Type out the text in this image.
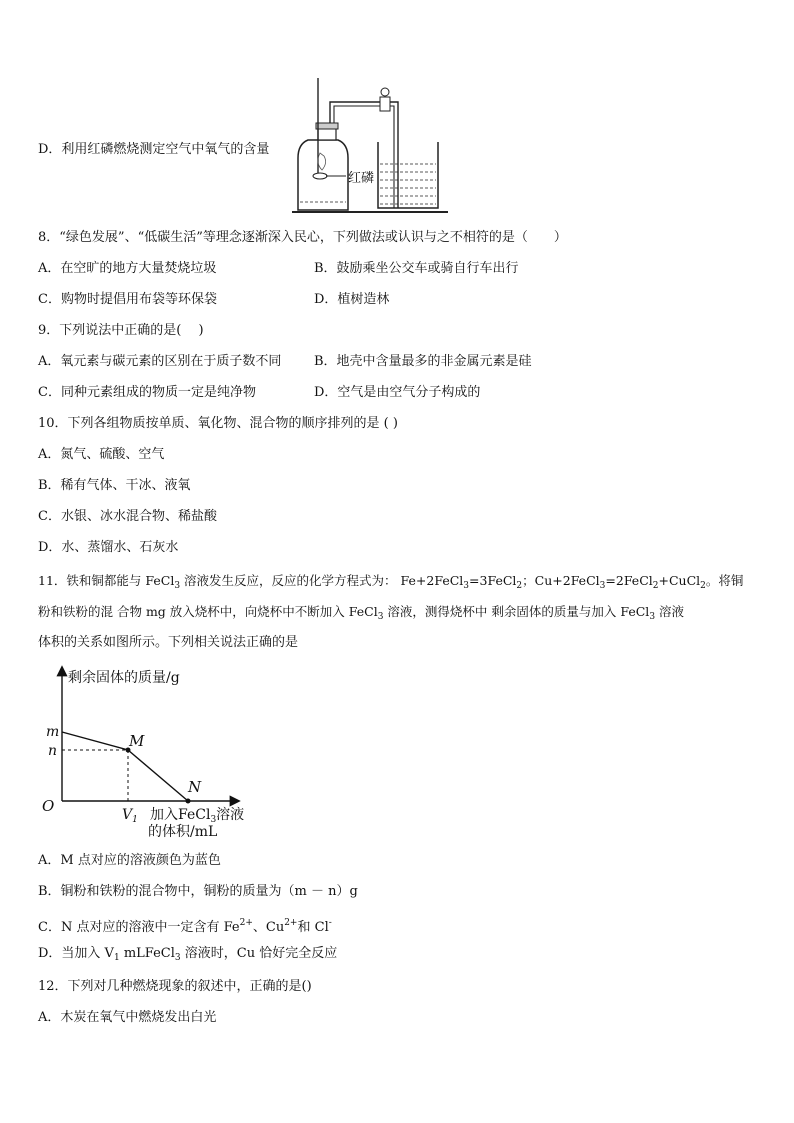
D．利用红磷燃烧测定空气中氧气的含量
红磷
8．“绿色发展”、“低碳生活”等理念逐渐深入民心，下列做法或认识与之不相符的是（　　）
A．在空旷的地方大量焚烧垃圾	B．鼓励乘坐公交车或骑自行车出行
C．购物时提倡用布袋等环保袋	D．植树造林
9．下列说法中正确的是(　 )
A．氧元素与碳元素的区别在于质子数不同	B．地壳中含量最多的非金属元素是硅
C．同种元素组成的物质一定是纯净物	D．空气是由空气分子构成的
10．下列各组物质按单质、氧化物、混合物的顺序排列的是 ( )
A．氮气、硫酸、空气
B．稀有气体、干冰、液氧
C．水银、冰水混合物、稀盐酸
D．水、蒸馏水、石灰水
11．铁和铜都能与 FeCl$_3$ 溶液发生反应，反应的化学方程式为： Fe+2FeCl$_3$=3FeCl$_2$；Cu+2FeCl$_3$=2FeCl$_2$+CuCl$_2$。将铜
粉和铁粉的混 合物 mg 放入烧杯中，向烧杯中不断加入 FeCl$_3$ 溶液，测得烧杯中 剩余固体的质量与加入 FeCl$_3$ 溶液
体积的关系如图所示。下列相关说法正确的是
剩余固体的质量/g
m
n
M
N
O	$V_1$ 加入FeCl$_3$溶液
的体积/mL
A．M 点对应的溶液颜色为蓝色
B．铜粉和铁粉的混合物中，铜粉的质量为（m － n）g
C．N 点对应的溶液中一定含有 $Fe^{2+}$、$Cu^{2+}$和 Cl-
D．当加入 $V_1$ mLFeCl$_3$ 溶液时，Cu 恰好完全反应
12．下列对几种燃烧现象的叙述中，正确的是()
A．木炭在氧气中燃烧发出白光
